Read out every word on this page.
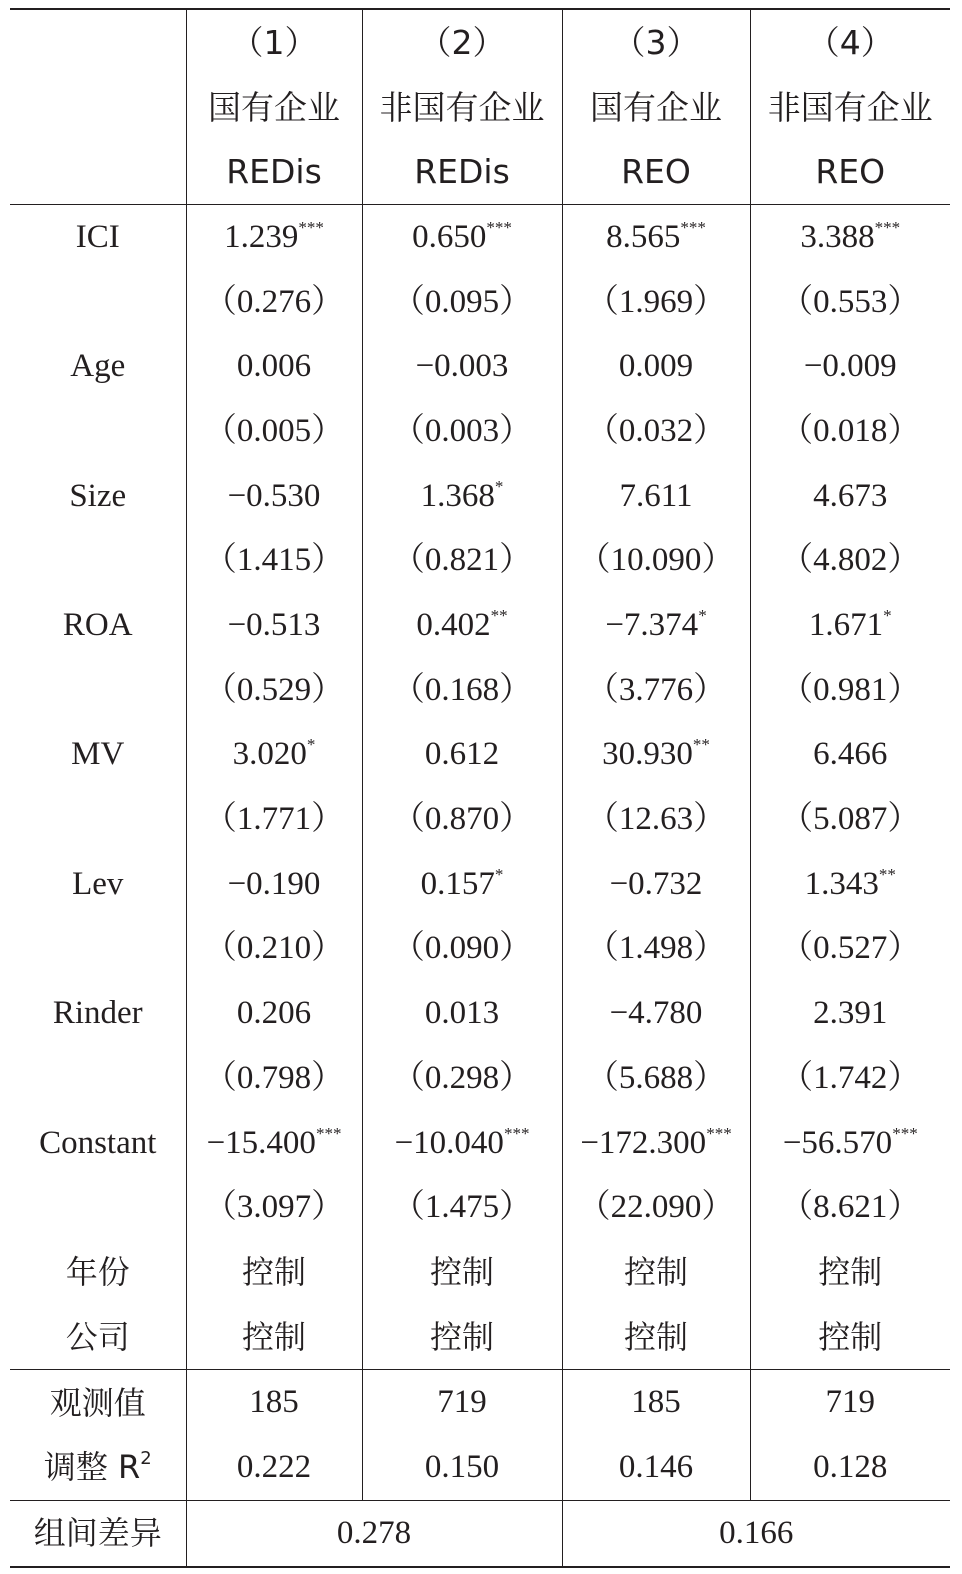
	（1）	（2）	（3）	（4）
	国有企业	非国有企业	国有企业	非国有企业
	REDis	REDis	REO	REO
ICI	1.239***	0.650***	8.565***	3.388***
	（0.276）	（0.095）	（1.969）	（0.553）
Age	0.006	−0.003	0.009	−0.009
	（0.005）	（0.003）	（0.032）	（0.018）
Size	−0.530	1.368*	7.611	4.673
	（1.415）	（0.821）	（10.090）	（4.802）
ROA	−0.513	0.402**	−7.374*	1.671*
	（0.529）	（0.168）	（3.776）	（0.981）
MV	3.020*	0.612	30.930**	6.466
	（1.771）	（0.870）	（12.63）	（5.087）
Lev	−0.190	0.157*	−0.732	1.343**
	（0.210）	（0.090）	（1.498）	（0.527）
Rinder	0.206	0.013	−4.780	2.391
	（0.798）	（0.298）	（5.688）	（1.742）
Constant	−15.400***	−10.040***	−172.300***	−56.570***
	（3.097）	（1.475）	（22.090）	（8.621）
年份	控制	控制	控制	控制
公司	控制	控制	控制	控制
观测值	185	719	185	719
调整 $R^2$	0.222	0.150	0.146	0.128
组间差异	0.278		0.166	
